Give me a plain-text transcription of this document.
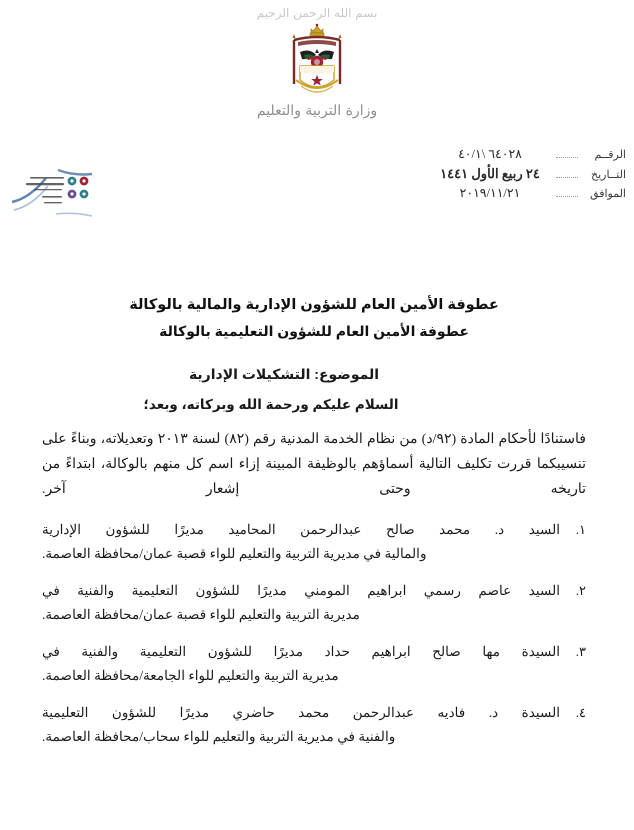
بسم الله الرحمن الرحيم
وزارة التربية والتعليم
الرقــم
٦٤٠٢٨ \٤٠/١
التــاريخ
٢٤ ربيع الأول ١٤٤١
الموافق
٢٠١٩/١١/٢١
عطوفة الأمين العام للشؤون الإدارية والمالية بالوكالة
عطوفة الأمين العام للشؤون التعليمية بالوكالة
الموضوع: التشكيلات الإدارية
السلام عليكم ورحمة الله وبركاته، وبعد؛
فاستنادًا لأحكام المادة (٩٢/د) من نظام الخدمة المدنية رقم (٨٢) لسنة ٢٠١٣ وتعديلاته، وبناءً على تنسيبكما قررت تكليف التالية أسماؤهم بالوظيفة المبينة إزاء اسم كل منهم بالوكالة، ابتداءً من تاريخه وحتى إشعار آخر.
١.
السيد د. محمد صالح عبدالرحمن المحاميد مديرًا للشؤون الإدارية
والمالية في مديرية التربية والتعليم للواء قصبة عمان/محافظة العاصمة.
٢.
السيد عاصم رسمي ابراهيم المومني مديرًا للشؤون التعليمية والفنية في
مديرية التربية والتعليم للواء قصبة عمان/محافظة العاصمة.
٣.
السيدة مها صالح ابراهيم حداد مديرًا للشؤون التعليمية والفنية في
مديرية التربية والتعليم للواء الجامعة/محافظة العاصمة.
٤.
السيدة د. فاديه عبدالرحمن محمد حاضري مديرًا للشؤون التعليمية
والفنية في مديرية التربية والتعليم للواء سحاب/محافظة العاصمة.
